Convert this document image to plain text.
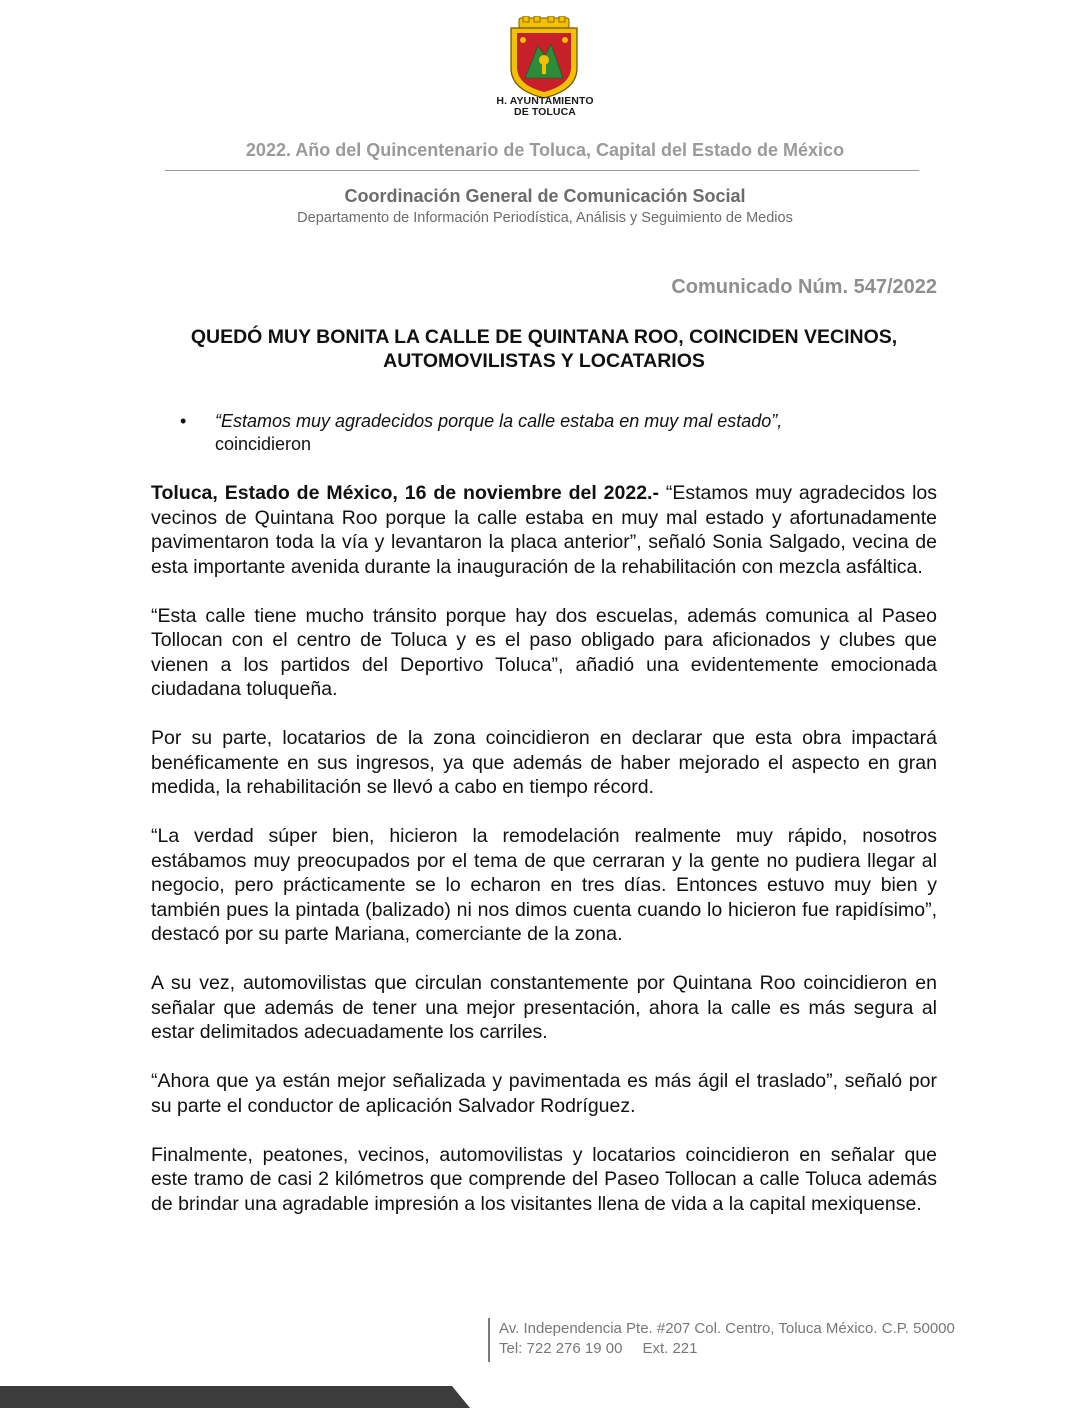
H. AYUNTAMIENTO
DE TOLUCA
2022. Año del Quincentenario de Toluca, Capital del Estado de México
Coordinación General de Comunicación Social
Departamento de Información Periodística, Análisis y Seguimiento de Medios
Comunicado Núm. 547/2022
QUEDÓ MUY BONITA LA CALLE DE QUINTANA ROO, COINCIDEN VECINOS,
AUTOMOVILISTAS Y LOCATARIOS
• “Estamos muy agradecidos porque la calle estaba en muy mal estado”,
coincidieron

Toluca, Estado de México, 16 de noviembre del 2022.- “Estamos muy agradecidos los vecinos de Quintana Roo porque la calle estaba en muy mal estado y afortunadamente pavimentaron toda la vía y levantaron la placa anterior”, señaló Sonia Salgado, vecina de esta importante avenida durante la inauguración de la rehabilitación con mezcla asfáltica.

“Esta calle tiene mucho tránsito porque hay dos escuelas, además comunica al Paseo Tollocan con el centro de Toluca y es el paso obligado para aficionados y clubes que vienen a los partidos del Deportivo Toluca”, añadió una evidentemente emocionada ciudadana toluqueña.

Por su parte, locatarios de la zona coincidieron en declarar que esta obra impactará benéficamente en sus ingresos, ya que además de haber mejorado el aspecto en gran medida, la rehabilitación se llevó a cabo en tiempo récord.

“La verdad súper bien, hicieron la remodelación realmente muy rápido, nosotros estábamos muy preocupados por el tema de que cerraran y la gente no pudiera llegar al negocio, pero prácticamente se lo echaron en tres días. Entonces estuvo muy bien y también pues la pintada (balizado) ni nos dimos cuenta cuando lo hicieron fue rapidísimo”, destacó por su parte Mariana, comerciante de la zona.

A su vez, automovilistas que circulan constantemente por Quintana Roo coincidieron en señalar que además de tener una mejor presentación, ahora la calle es más segura al estar delimitados adecuadamente los carriles.

“Ahora que ya están mejor señalizada y pavimentada es más ágil el traslado”, señaló por su parte el conductor de aplicación Salvador Rodríguez.

Finalmente, peatones, vecinos, automovilistas y locatarios coincidieron en señalar que este tramo de casi 2 kilómetros que comprende del Paseo Tollocan a calle Toluca además de brindar una agradable impresión a los visitantes llena de vida a la capital mexiquense.

Av. Independencia Pte. #207 Col. Centro, Toluca México. C.P. 50000
Tel: 722 276 19 00 Ext. 221
